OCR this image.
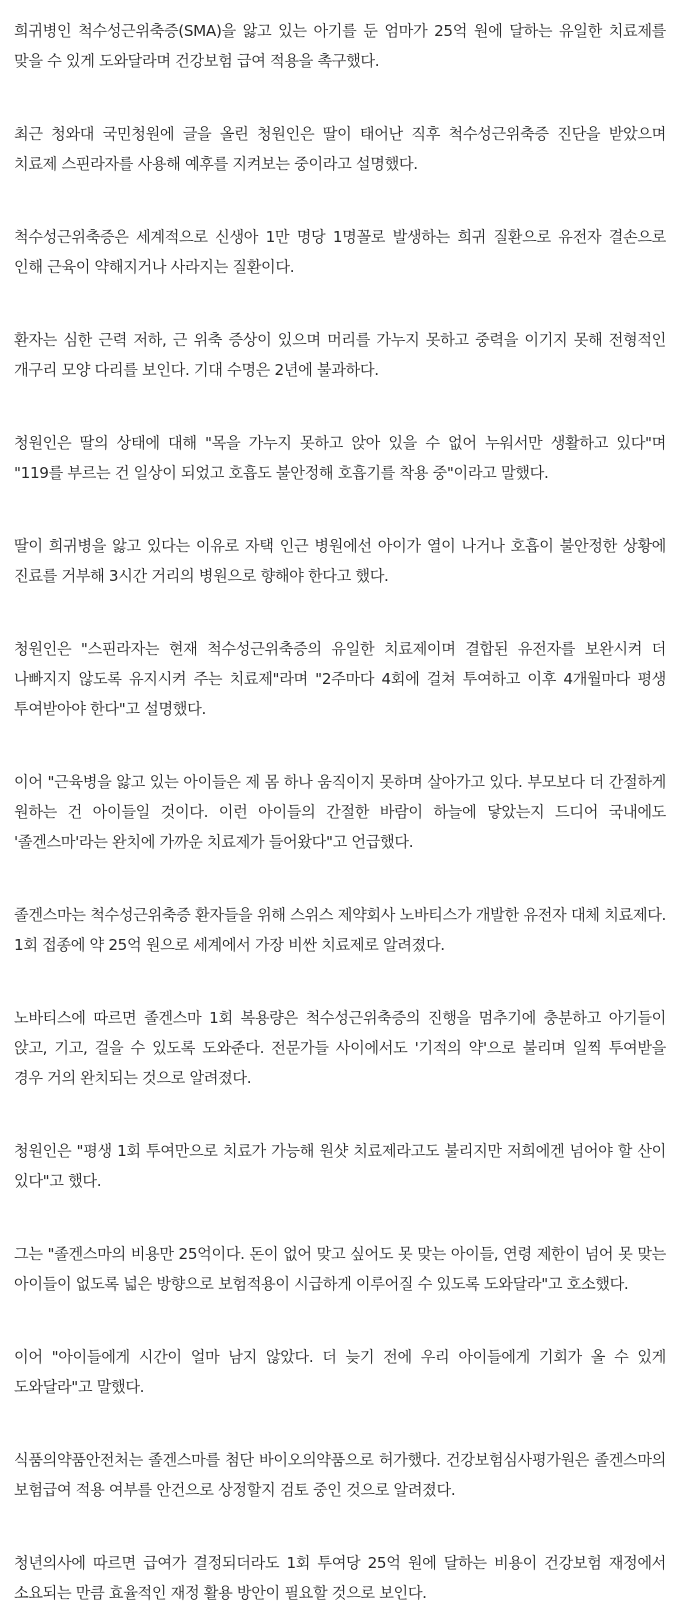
희귀병인 척수성근위축증(SMA)을 앓고 있는 아기를 둔 엄마가 25억 원에 달하는 유일한 치료제를 맞을 수 있게 도와달라며 건강보험 급여 적용을 촉구했다.

최근 청와대 국민청원에 글을 올린 청원인은 딸이 태어난 직후 척수성근위축증 진단을 받았으며 치료제 스핀라자를 사용해 예후를 지켜보는 중이라고 설명했다.

척수성근위축증은 세계적으로 신생아 1만 명당 1명꼴로 발생하는 희귀 질환으로 유전자 결손으로 인해 근육이 약해지거나 사라지는 질환이다.

환자는 심한 근력 저하, 근 위축 증상이 있으며 머리를 가누지 못하고 중력을 이기지 못해 전형적인 개구리 모양 다리를 보인다. 기대 수명은 2년에 불과하다.

청원인은 딸의 상태에 대해 "목을 가누지 못하고 앉아 있을 수 없어 누워서만 생활하고 있다"며 "119를 부르는 건 일상이 되었고 호흡도 불안정해 호흡기를 착용 중"이라고 말했다.

딸이 희귀병을 앓고 있다는 이유로 자택 인근 병원에선 아이가 열이 나거나 호흡이 불안정한 상황에 진료를 거부해 3시간 거리의 병원으로 향해야 한다고 했다.

청원인은 "스핀라자는 현재 척수성근위축증의 유일한 치료제이며 결합된 유전자를 보완시켜 더 나빠지지 않도록 유지시켜 주는 치료제"라며 "2주마다 4회에 걸쳐 투여하고 이후 4개월마다 평생 투여받아야 한다"고 설명했다.

이어 "근육병을 앓고 있는 아이들은 제 몸 하나 움직이지 못하며 살아가고 있다. 부모보다 더 간절하게 원하는 건 아이들일 것이다. 이런 아이들의 간절한 바람이 하늘에 닿았는지 드디어 국내에도 '졸겐스마'라는 완치에 가까운 치료제가 들어왔다"고 언급했다.

졸겐스마는 척수성근위축증 환자들을 위해 스위스 제약회사 노바티스가 개발한 유전자 대체 치료제다. 1회 접종에 약 25억 원으로 세계에서 가장 비싼 치료제로 알려졌다.

노바티스에 따르면 졸겐스마 1회 복용량은 척수성근위축증의 진행을 멈추기에 충분하고 아기들이 앉고, 기고, 걸을 수 있도록 도와준다. 전문가들 사이에서도 '기적의 약'으로 불리며 일찍 투여받을 경우 거의 완치되는 것으로 알려졌다.

청원인은 "평생 1회 투여만으로 치료가 가능해 원샷 치료제라고도 불리지만 저희에겐 넘어야 할 산이 있다"고 했다.

그는 "졸겐스마의 비용만 25억이다. 돈이 없어 맞고 싶어도 못 맞는 아이들, 연령 제한이 넘어 못 맞는 아이들이 없도록 넓은 방향으로 보험적용이 시급하게 이루어질 수 있도록 도와달라"고 호소했다.

이어 "아이들에게 시간이 얼마 남지 않았다. 더 늦기 전에 우리 아이들에게 기회가 올 수 있게 도와달라"고 말했다.

식품의약품안전처는 졸겐스마를 첨단 바이오의약품으로 허가했다. 건강보험심사평가원은 졸겐스마의 보험급여 적용 여부를 안건으로 상정할지 검토 중인 것으로 알려졌다.

청년의사에 따르면 급여가 결정되더라도 1회 투여당 25억 원에 달하는 비용이 건강보험 재정에서 소요되는 만큼 효율적인 재정 활용 방안이 필요할 것으로 보인다.
